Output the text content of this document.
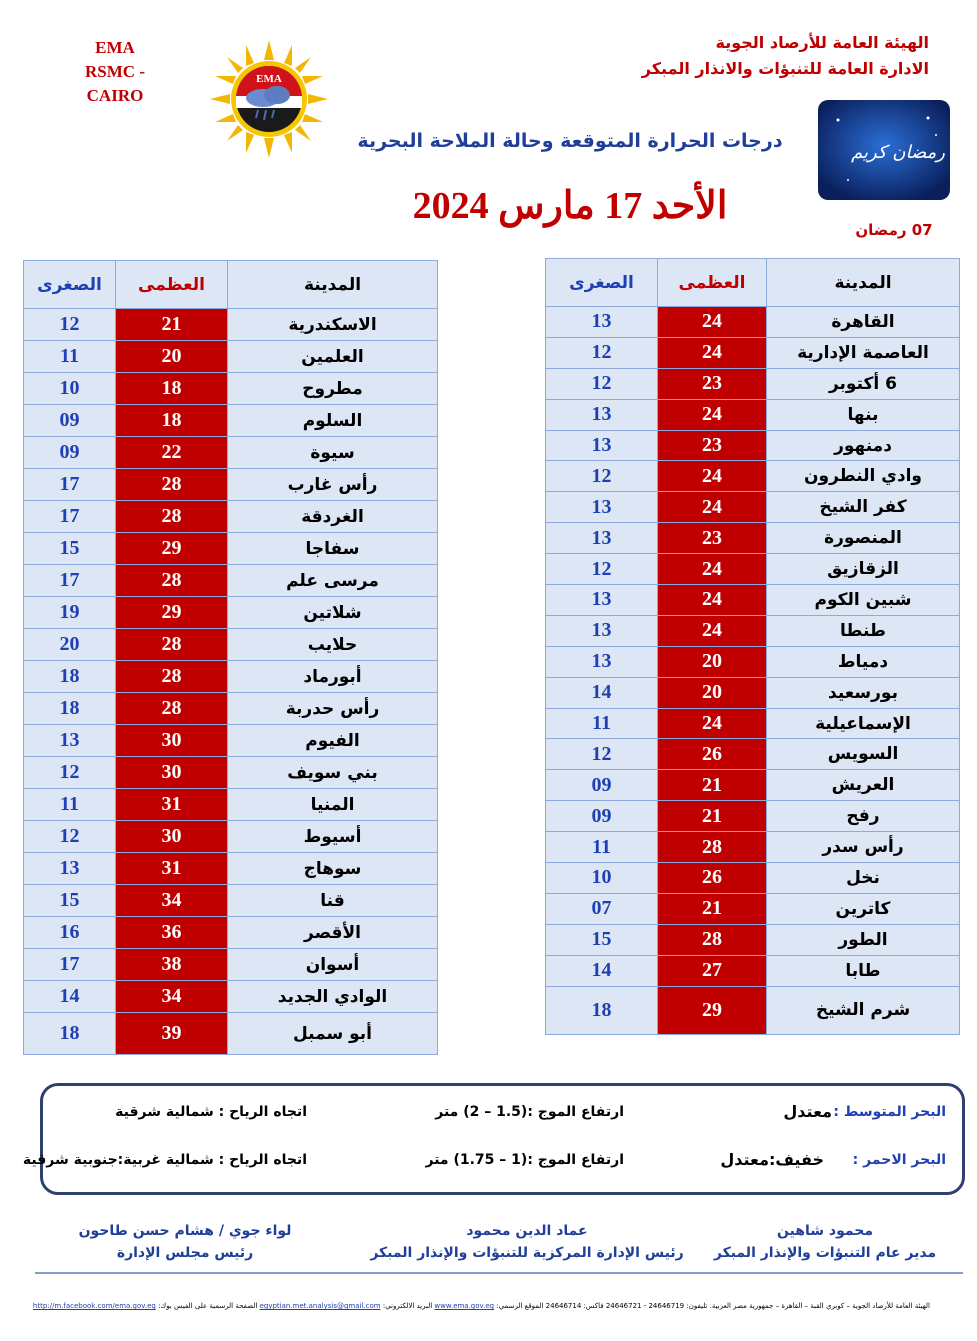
EMA
RSMC - CAIRO
EMA
الهيئة العامة للأرصاد الجوية
الادارة العامة للتنبؤات والانذار المبكر
رمضان كريم
درجات الحرارة المتوقعة وحالة الملاحة البحرية
الأحد 17 مارس 2024
07 رمضان
الصغرى	العظمى	المدينة
13	24	القاهرة
12	24	العاصمة الإدارية
12	23	6 أكتوبر
13	24	بنها
13	23	دمنهور
12	24	وادي النطرون
13	24	كفر الشيخ
13	23	المنصورة
12	24	الزقازيق
13	24	شبين الكوم
13	24	طنطا
13	20	دمياط
14	20	بورسعيد
11	24	الإسماعيلية
12	26	السويس
09	21	العريش
09	21	رفح
11	28	رأس سدر
10	26	نخل
07	21	كاترين
15	28	الطور
14	27	طابا
18	29	شرم الشيخ
الصغرى	العظمى	المدينة
12	21	الاسكندرية
11	20	العلمين
10	18	مطروح
09	18	السلوم
09	22	سيوة
17	28	رأس غارب
17	28	الغردقة
15	29	سفاجا
17	28	مرسى علم
19	29	شلاتين
20	28	حلايب
18	28	أبورماد
18	28	رأس حدربة
13	30	الفيوم
12	30	بني سويف
11	31	المنيا
12	30	أسيوط
13	31	سوهاج
15	34	قنا
16	36	الأقصر
17	38	أسوان
14	34	الوادي الجديد
18	39	أبو سمبل
البحر المتوسط :
معتدل
ارتفاع الموج :(1.5 – 2) متر
اتجاه الرياح : شمالية شرقية
البحر الاحمر :
خفيف:معتدل
ارتفاع الموج :(1 – 1.75) متر
اتجاه الرياح : شمالية غربية:جنوبية شرقية
محمود شاهين
مدير عام التنبؤات والإنذار المبكر
عماد الدين محمود
رئيس الإدارة المركزية للتنبؤات والإنذار المبكر
لواء جوي / هشام حسن طاحون
رئيس مجلس الإدارة
الهيئة العامة للأرصاد الجوية – كوبري القبة – القاهرة – جمهورية مصر العربية. تليفون: 24646719 - 24646721 فاكس: 24646714 الموقع الرسمي: www.ema.gov.eg البريد الالكتروني: egyptian.met.analysis@gmail.com الصفحة الرسمية على الفيس بوك: http://m.facebook.com/ema.gov.eg
